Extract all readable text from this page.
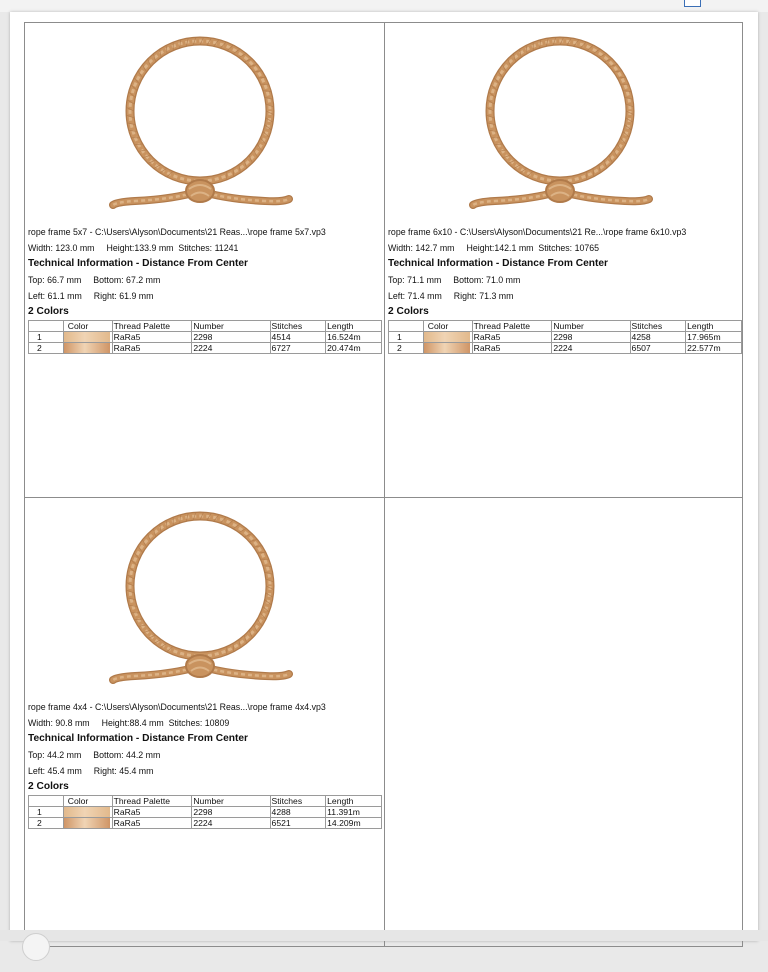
rope frame 5x7 - C:\Users\Alyson\Documents\21 Reas...\rope frame 5x7.vp3
Width: 123.0 mm Height:133.9 mm Stitches: 11241
Technical Information - Distance From Center
Top: 66.7 mm Bottom: 67.2 mm
Left: 61.1 mm Right: 61.9 mm
2 Colors
	Color	Thread Palette	Number	Stitches	Length
1		RaRa5	2298	4514	16.524m
2		RaRa5	2224	6727	20.474m
rope frame 6x10 - C:\Users\Alyson\Documents\21 Re...\rope frame 6x10.vp3
Width: 142.7 mm Height:142.1 mm Stitches: 10765
Technical Information - Distance From Center
Top: 71.1 mm Bottom: 71.0 mm
Left: 71.4 mm Right: 71.3 mm
2 Colors
	Color	Thread Palette	Number	Stitches	Length
1		RaRa5	2298	4258	17.965m
2		RaRa5	2224	6507	22.577m
rope frame 4x4 - C:\Users\Alyson\Documents\21 Reas...\rope frame 4x4.vp3
Width: 90.8 mm Height:88.4 mm Stitches: 10809
Technical Information - Distance From Center
Top: 44.2 mm Bottom: 44.2 mm
Left: 45.4 mm Right: 45.4 mm
2 Colors
	Color	Thread Palette	Number	Stitches	Length
1		RaRa5	2298	4288	11.391m
2		RaRa5	2224	6521	14.209m
